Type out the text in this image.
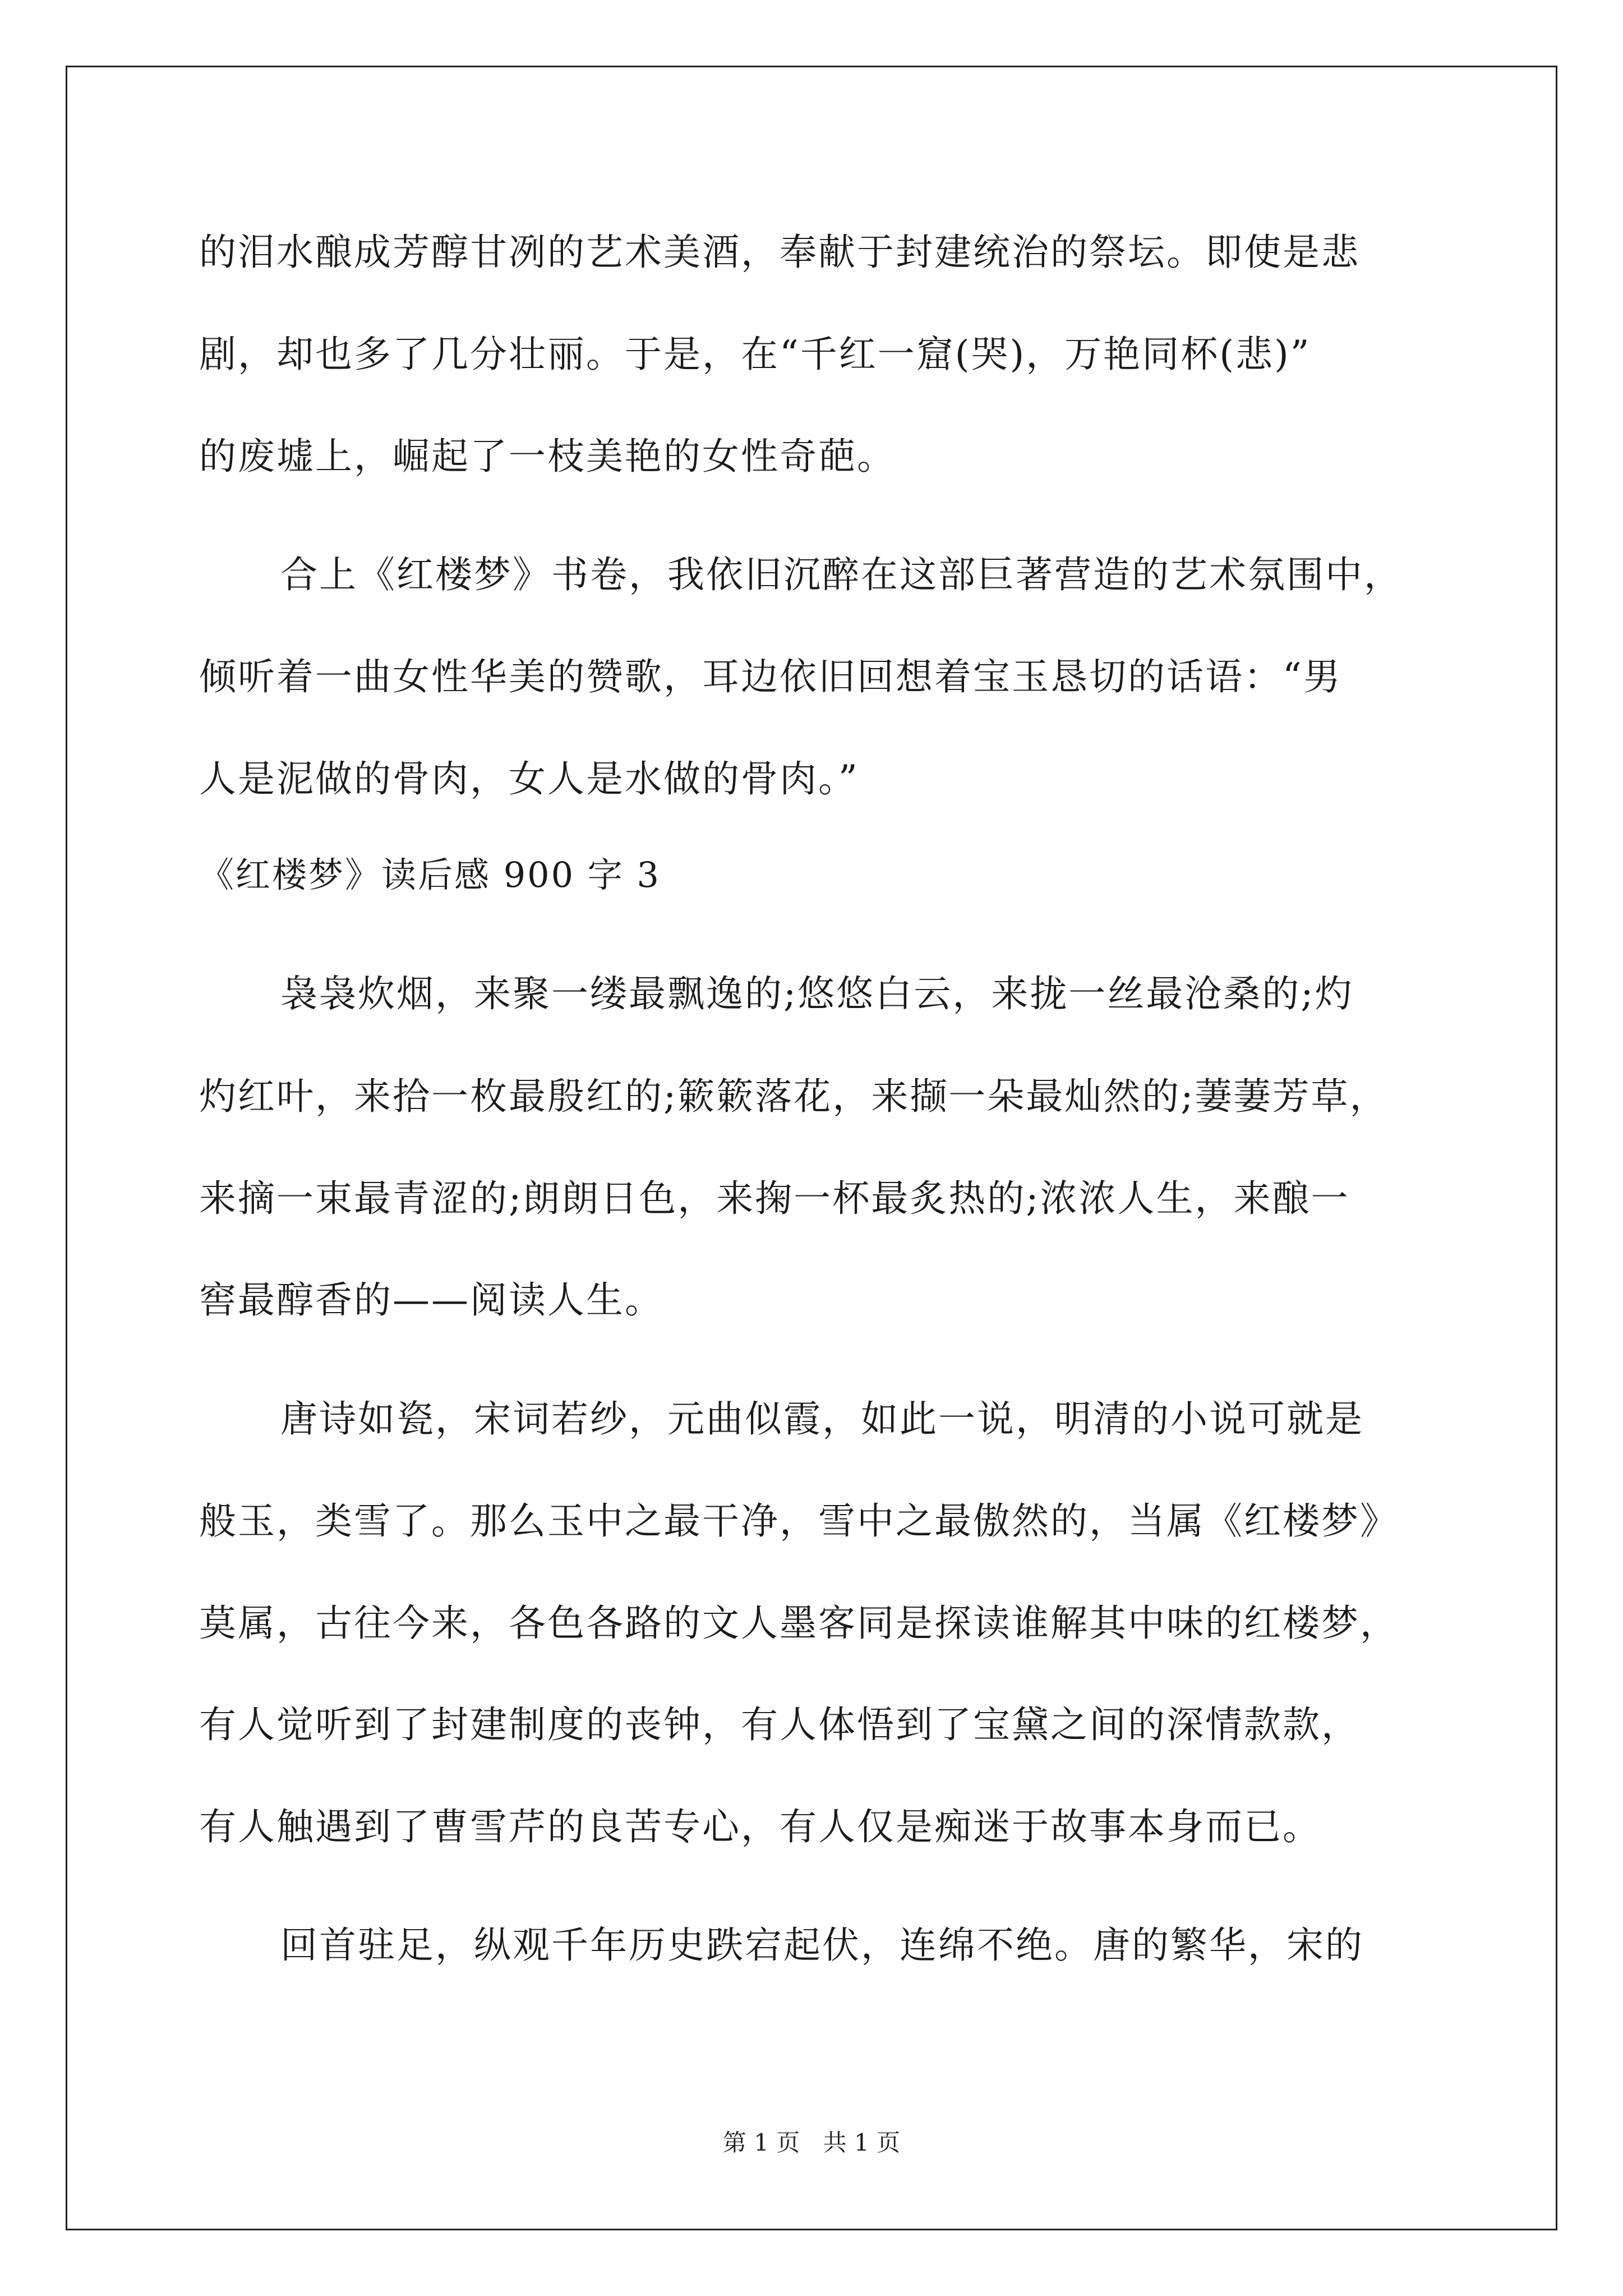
的泪水酿成芳醇甘冽的艺术美酒，奉献于封建统治的祭坛。即使是悲
剧，却也多了几分壮丽。于是，在“千红一窟(哭)，万艳同杯(悲)”
的废墟上，崛起了一枝美艳的女性奇葩。
合上《红楼梦》书卷，我依旧沉醉在这部巨著营造的艺术氛围中，
倾听着一曲女性华美的赞歌，耳边依旧回想着宝玉恳切的话语：“男
人是泥做的骨肉，女人是水做的骨肉。”
《红楼梦》读后感 900 字 3
袅袅炊烟，来聚一缕最飘逸的;悠悠白云，来拢一丝最沧桑的;灼
灼红叶，来拾一枚最殷红的;簌簌落花，来撷一朵最灿然的;萋萋芳草，
来摘一束最青涩的;朗朗日色，来掬一杯最炙热的;浓浓人生，来酿一
窖最醇香的——阅读人生。
唐诗如瓷，宋词若纱，元曲似霞，如此一说，明清的小说可就是
般玉，类雪了。那么玉中之最干净，雪中之最傲然的，当属《红楼梦》
莫属，古往今来，各色各路的文人墨客同是探读谁解其中味的红楼梦，
有人觉听到了封建制度的丧钟，有人体悟到了宝黛之间的深情款款，
有人触遇到了曹雪芹的良苦专心，有人仅是痴迷于故事本身而已。
回首驻足，纵观千年历史跌宕起伏，连绵不绝。唐的繁华，宋的
第 1 页 共 1 页
